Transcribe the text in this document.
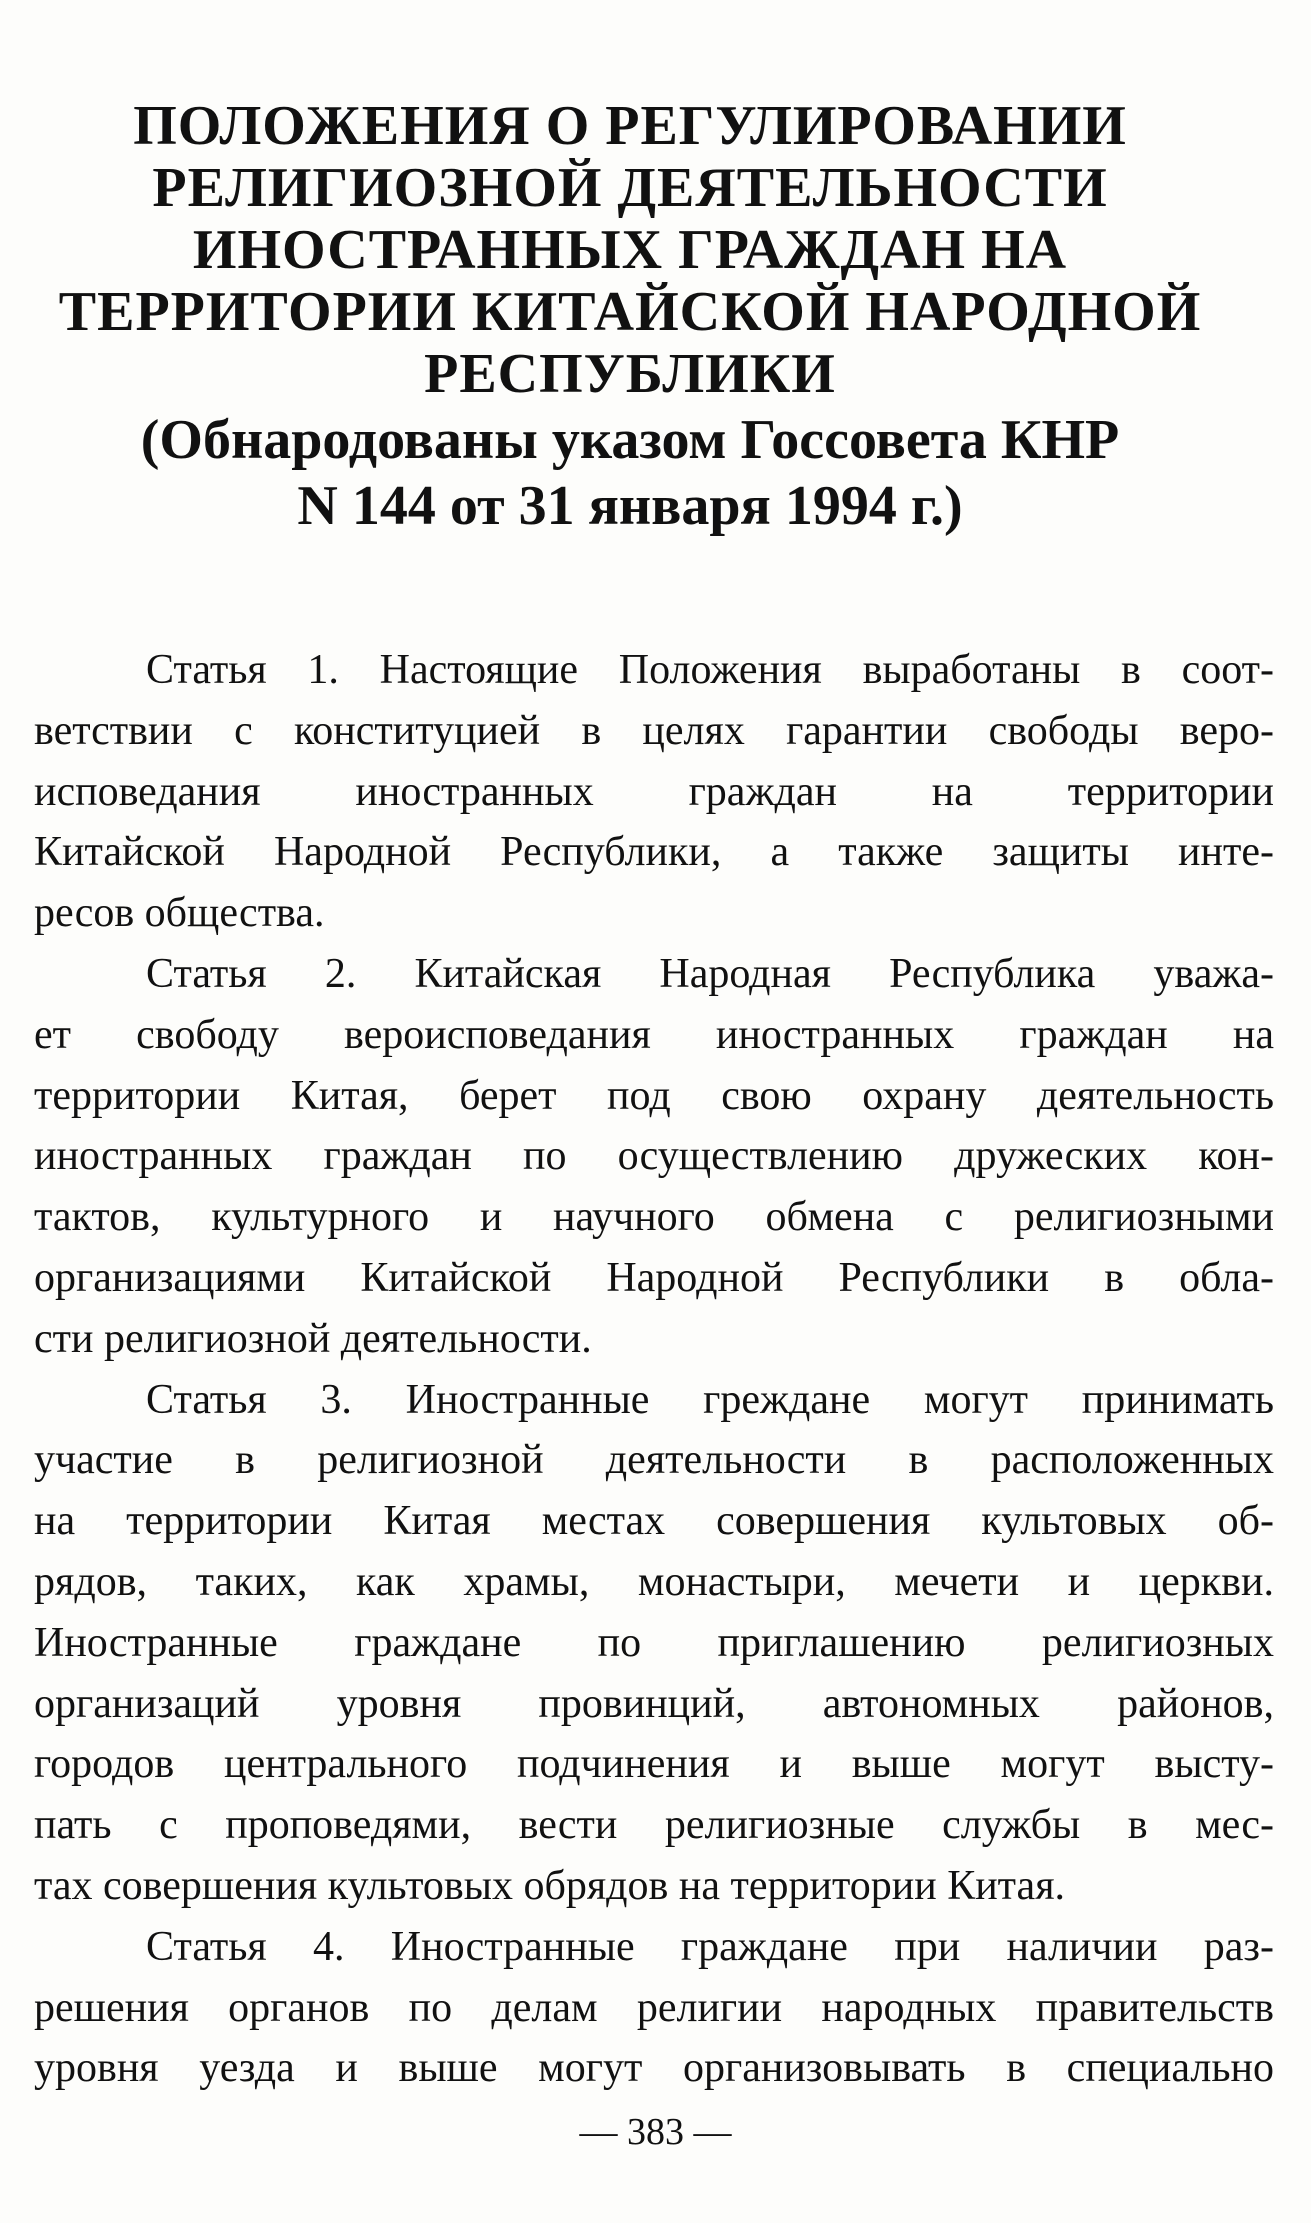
ПОЛОЖЕНИЯ О РЕГУЛИРОВАНИИ
РЕЛИГИОЗНОЙ ДЕЯТЕЛЬНОСТИ
ИНОСТРАННЫХ ГРАЖДАН НА
ТЕРРИТОРИИ КИТАЙСКОЙ НАРОДНОЙ
РЕСПУБЛИКИ
(Обнародованы указом Госсовета КНР
N 144 от 31 января 1994 г.)
Статья 1. Настоящие Положения выработаны в соот-
ветствии с конституцией в целях гарантии свободы веро-
исповедания иностранных граждан на территории
Китайской Народной Республики, а также защиты инте-
ресов общества.
Статья 2. Китайская Народная Республика уважа-
ет свободу вероисповедания иностранных граждан на
территории Китая, берет под свою охрану деятельность
иностранных граждан по осуществлению дружеских кон-
тактов, культурного и научного обмена с религиозными
организациями Китайской Народной Республики в обла-
сти религиозной деятельности.
Статья 3. Иностранные греждане могут принимать
участие в религиозной деятельности в расположенных
на территории Китая местах совершения культовых об-
рядов, таких, как храмы, монастыри, мечети и церкви.
Иностранные граждане по приглашению религиозных
организаций уровня провинций, автономных районов,
городов центрального подчинения и выше могут высту-
пать с проповедями, вести религиозные службы в мес-
тах совершения культовых обрядов на территории Китая.
Статья 4. Иностранные граждане при наличии раз-
решения органов по делам религии народных правительств
уровня уезда и выше могут организовывать в специально
— 383 —
